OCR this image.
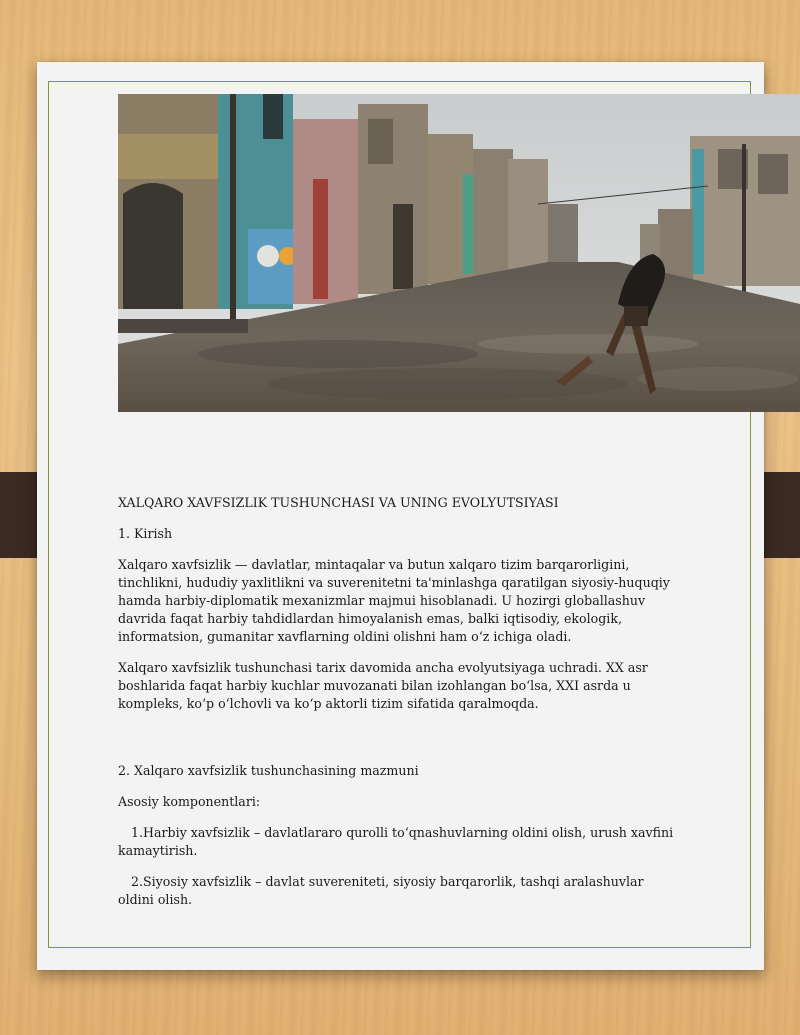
XALQARO XAVFSIZLIK TUSHUNCHASI VA UNING EVOLYUTSIYASI

1. Kirish

Xalqaro xavfsizlik — davlatlar, mintaqalar va butun xalqaro tizim barqarorligini, tinchlikni, hududiy yaxlitlikni va suverenitetni ta'minlashga qaratilgan siyosiy-huquqiy hamda harbiy-diplomatik mexanizmlar majmui hisoblanadi. U hozirgi globallashuv davrida faqat harbiy tahdidlardan himoyalanish emas, balki iqtisodiy, ekologik, informatsion, gumanitar xavflarning oldini olishni ham o‘z ichiga oladi.

Xalqaro xavfsizlik tushunchasi tarix davomida ancha evolyutsiyaga uchradi. XX asr boshlarida faqat harbiy kuchlar muvozanati bilan izohlangan bo‘lsa, XXI asrda u kompleks, ko‘p o‘lchovli va ko‘p aktorli tizim sifatida qaralmoqda.

2. Xalqaro xavfsizlik tushunchasining mazmuni

Asosiy komponentlari:

1.Harbiy xavfsizlik – davlatlararo qurolli to‘qnashuvlarning oldini olish, urush xavfini kamaytirish.

2.Siyosiy xavfsizlik – davlat suvereniteti, siyosiy barqarorlik, tashqi aralashuvlar oldini olish.
